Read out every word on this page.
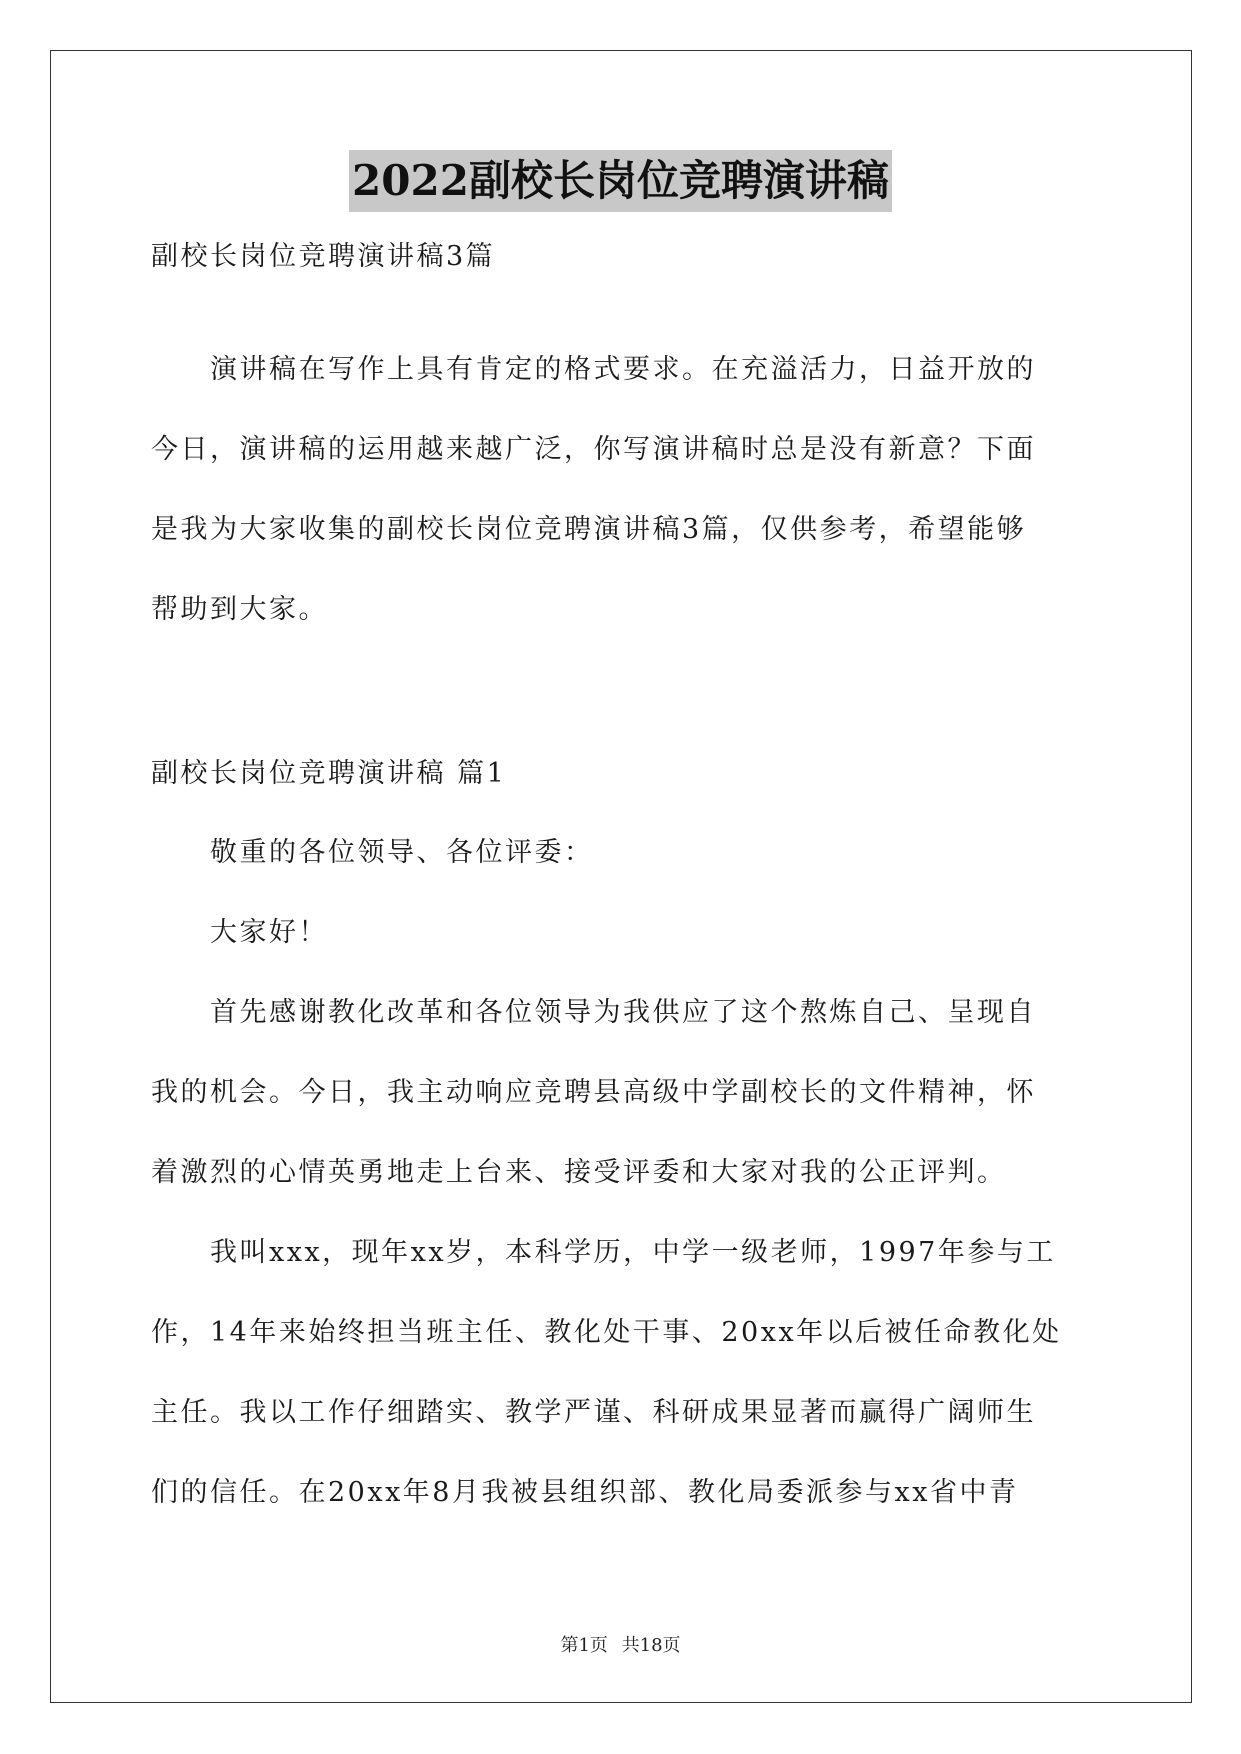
2022副校长岗位竞聘演讲稿
副校长岗位竞聘演讲稿3篇
　　演讲稿在写作上具有肯定的格式要求。在充溢活力，日益开放的
今日，演讲稿的运用越来越广泛，你写演讲稿时总是没有新意？下面
是我为大家收集的副校长岗位竞聘演讲稿3篇，仅供参考，希望能够
帮助到大家。
副校长岗位竞聘演讲稿 篇1
　　敬重的各位领导、各位评委：
　　大家好！
　　首先感谢教化改革和各位领导为我供应了这个熬炼自己、呈现自
我的机会。今日，我主动响应竞聘县高级中学副校长的文件精神，怀
着激烈的心情英勇地走上台来、接受评委和大家对我的公正评判。
　　我叫xxx，现年xx岁，本科学历，中学一级老师，1997年参与工
作，14年来始终担当班主任、教化处干事、20xx年以后被任命教化处
主任。我以工作仔细踏实、教学严谨、科研成果显著而赢得广阔师生
们的信任。在20xx年8月我被县组织部、教化局委派参与xx省中青
第1页 共18页
